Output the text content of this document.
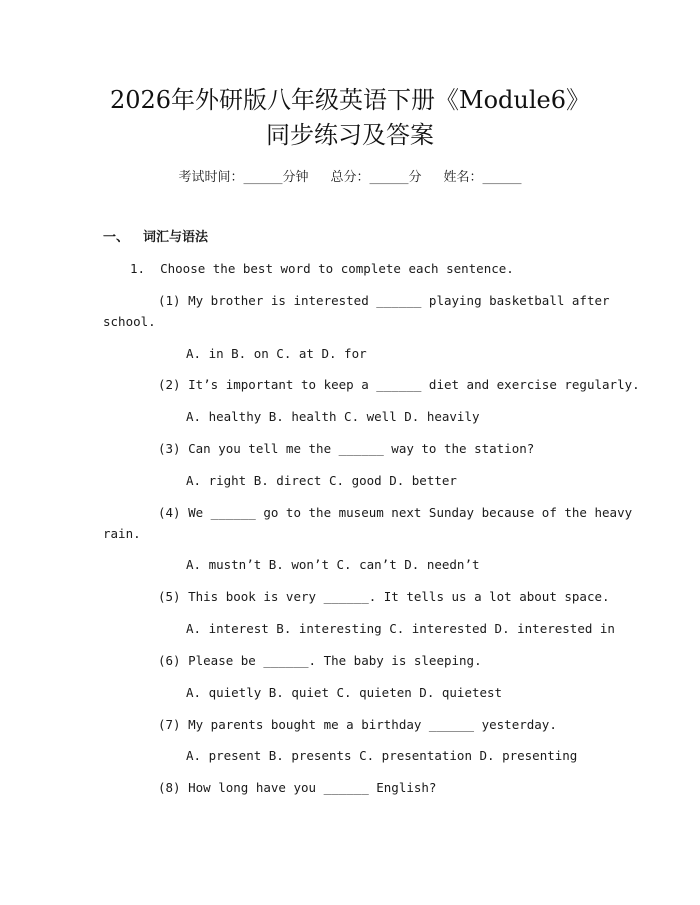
2026年外研版八年级英语下册《Module6》
同步练习及答案
考试时间：______分钟 总分：______分 姓名：______
一、 词汇与语法
1.  Choose the best word to complete each sentence.
(1) My brother is interested ______ playing basketball after
school.
A. in B. on C. at D. for
(2) It’s important to keep a ______ diet and exercise regularly.
A. healthy B. health C. well D. heavily
(3) Can you tell me the ______ way to the station?
A. right B. direct C. good D. better
(4) We ______ go to the museum next Sunday because of the heavy
rain.
A. mustn’t B. won’t C. can’t D. needn’t
(5) This book is very ______. It tells us a lot about space.
A. interest B. interesting C. interested D. interested in
(6) Please be ______. The baby is sleeping.
A. quietly B. quiet C. quieten D. quietest
(7) My parents bought me a birthday ______ yesterday.
A. present B. presents C. presentation D. presenting
(8) How long have you ______ English?
